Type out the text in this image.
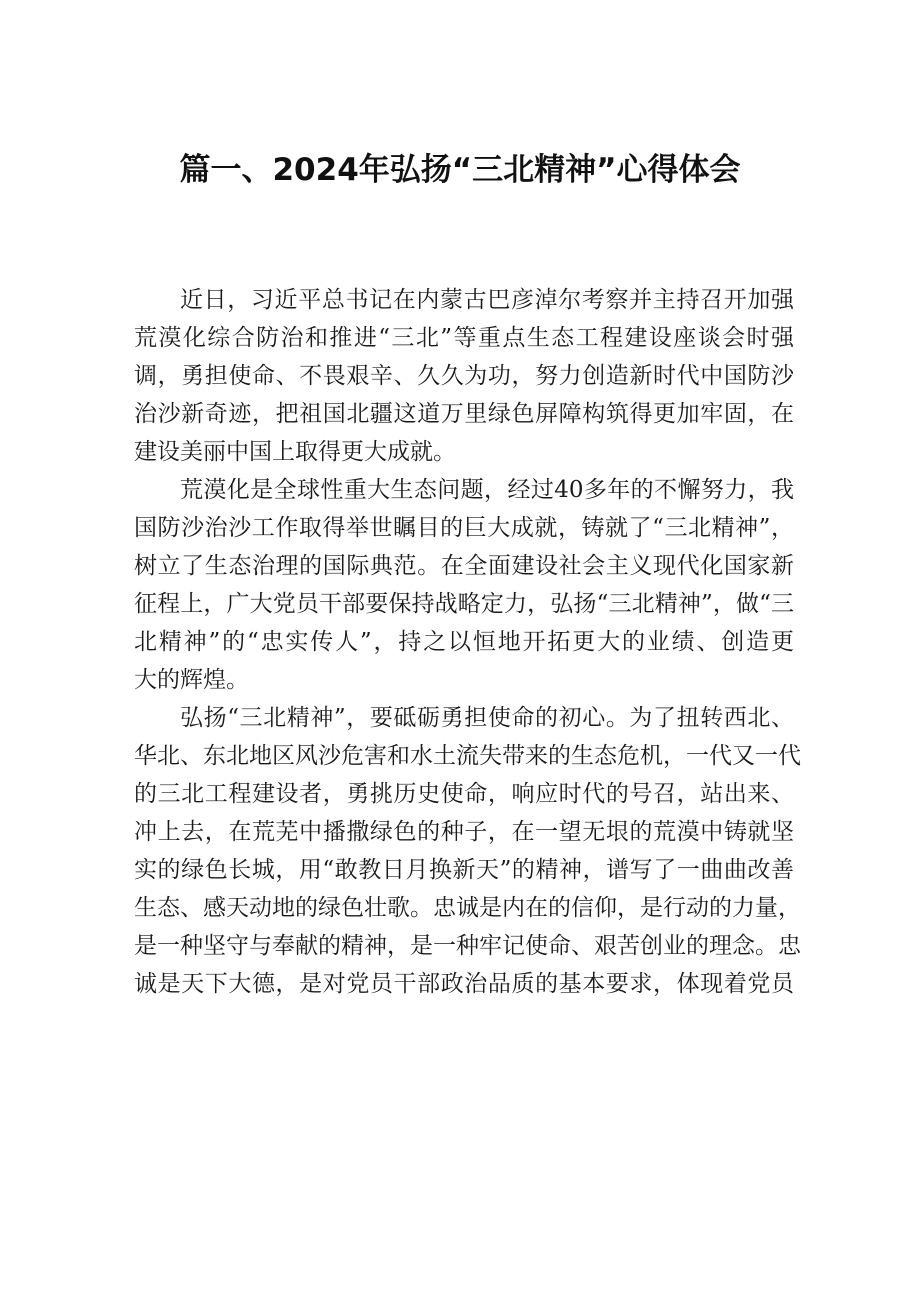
篇一、2024年弘扬“三北精神”心得体会
近日，习近平总书记在内蒙古巴彦淖尔考察并主持召开加强
荒漠化综合防治和推进“三北”等重点生态工程建设座谈会时强
调，勇担使命、不畏艰辛、久久为功，努力创造新时代中国防沙
治沙新奇迹，把祖国北疆这道万里绿色屏障构筑得更加牢固，在
建设美丽中国上取得更大成就。
荒漠化是全球性重大生态问题，经过40多年的不懈努力，我
国防沙治沙工作取得举世瞩目的巨大成就，铸就了“三北精神”，
树立了生态治理的国际典范。在全面建设社会主义现代化国家新
征程上，广大党员干部要保持战略定力，弘扬“三北精神”，做“三
北精神”的“忠实传人”，持之以恒地开拓更大的业绩、创造更
大的辉煌。
弘扬“三北精神”，要砥砺勇担使命的初心。为了扭转西北、
华北、东北地区风沙危害和水土流失带来的生态危机，一代又一代
的三北工程建设者，勇挑历史使命，响应时代的号召，站出来、
冲上去，在荒芜中播撒绿色的种子，在一望无垠的荒漠中铸就坚
实的绿色长城，用“敢教日月换新天”的精神，谱写了一曲曲改善
生态、感天动地的绿色壮歌。忠诚是内在的信仰，是行动的力量，
是一种坚守与奉献的精神，是一种牢记使命、艰苦创业的理念。忠
诚是天下大德，是对党员干部政治品质的基本要求，体现着党员
